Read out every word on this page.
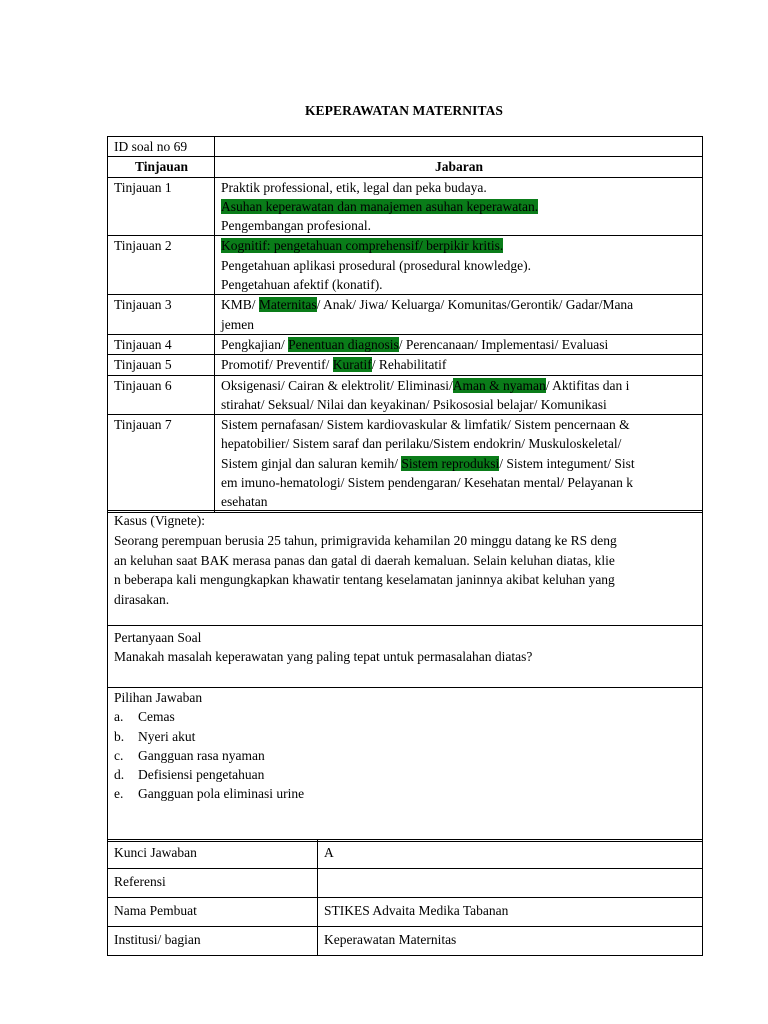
KEPERAWATAN MATERNITAS
ID soal no 69	
Tinjauan	Jabaran
Tinjauan 1	Praktik professional, etik, legal dan peka budaya.
Asuhan keperawatan dan manajemen asuhan keperawatan.
Pengembangan profesional.

Tinjauan 2	Kognitif: pengetahuan comprehensif/ berpikir kritis.
Pengetahuan aplikasi prosedural (prosedural knowledge).
Pengetahuan afektif (konatif).

Tinjauan 3	KMB/ Maternitas/ Anak/ Jiwa/ Keluarga/ Komunitas/Gerontik/ Gadar/Mana
jemen

Tinjauan 4	Pengkajian/ Penentuan diagnosis/ Perencanaan/ Implementasi/ Evaluasi

Tinjauan 5	Promotif/ Preventif/ Kuratif/ Rehabilitatif

Tinjauan 6	Oksigenasi/ Cairan & elektrolit/ Eliminasi/Aman & nyaman/ Aktifitas dan i
stirahat/ Seksual/ Nilai dan keyakinan/ Psikososial belajar/ Komunikasi

Tinjauan 7	Sistem pernafasan/ Sistem kardiovaskular & limfatik/ Sistem pencernaan &
hepatobilier/ Sistem saraf dan perilaku/Sistem endokrin/ Muskuloskeletal/
Sistem ginjal dan saluran kemih/ Sistem reproduksi/ Sistem integument/ Sist
em imuno-hematologi/ Sistem pendengaran/ Kesehatan mental/ Pelayanan k
esehatan
Kasus (Vignete):
Seorang perempuan berusia 25 tahun, primigravida kehamilan 20 minggu datang ke RS deng
an keluhan saat BAK merasa panas dan gatal di daerah kemaluan. Selain keluhan diatas, klie
n beberapa kali mengungkapkan khawatir tentang keselamatan janinnya akibat keluhan yang
dirasakan.

Pertanyaan Soal
Manakah masalah keperawatan yang paling tepat untuk permasalahan diatas?

Pilihan Jawaban
a. Cemas
b. Nyeri akut
c. Gangguan rasa nyaman
d. Defisiensi pengetahuan
e. Gangguan pola eliminasi urine
Kunci Jawaban	A
Referensi	
Nama Pembuat	STIKES Advaita Medika Tabanan
Institusi/ bagian	Keperawatan Maternitas
